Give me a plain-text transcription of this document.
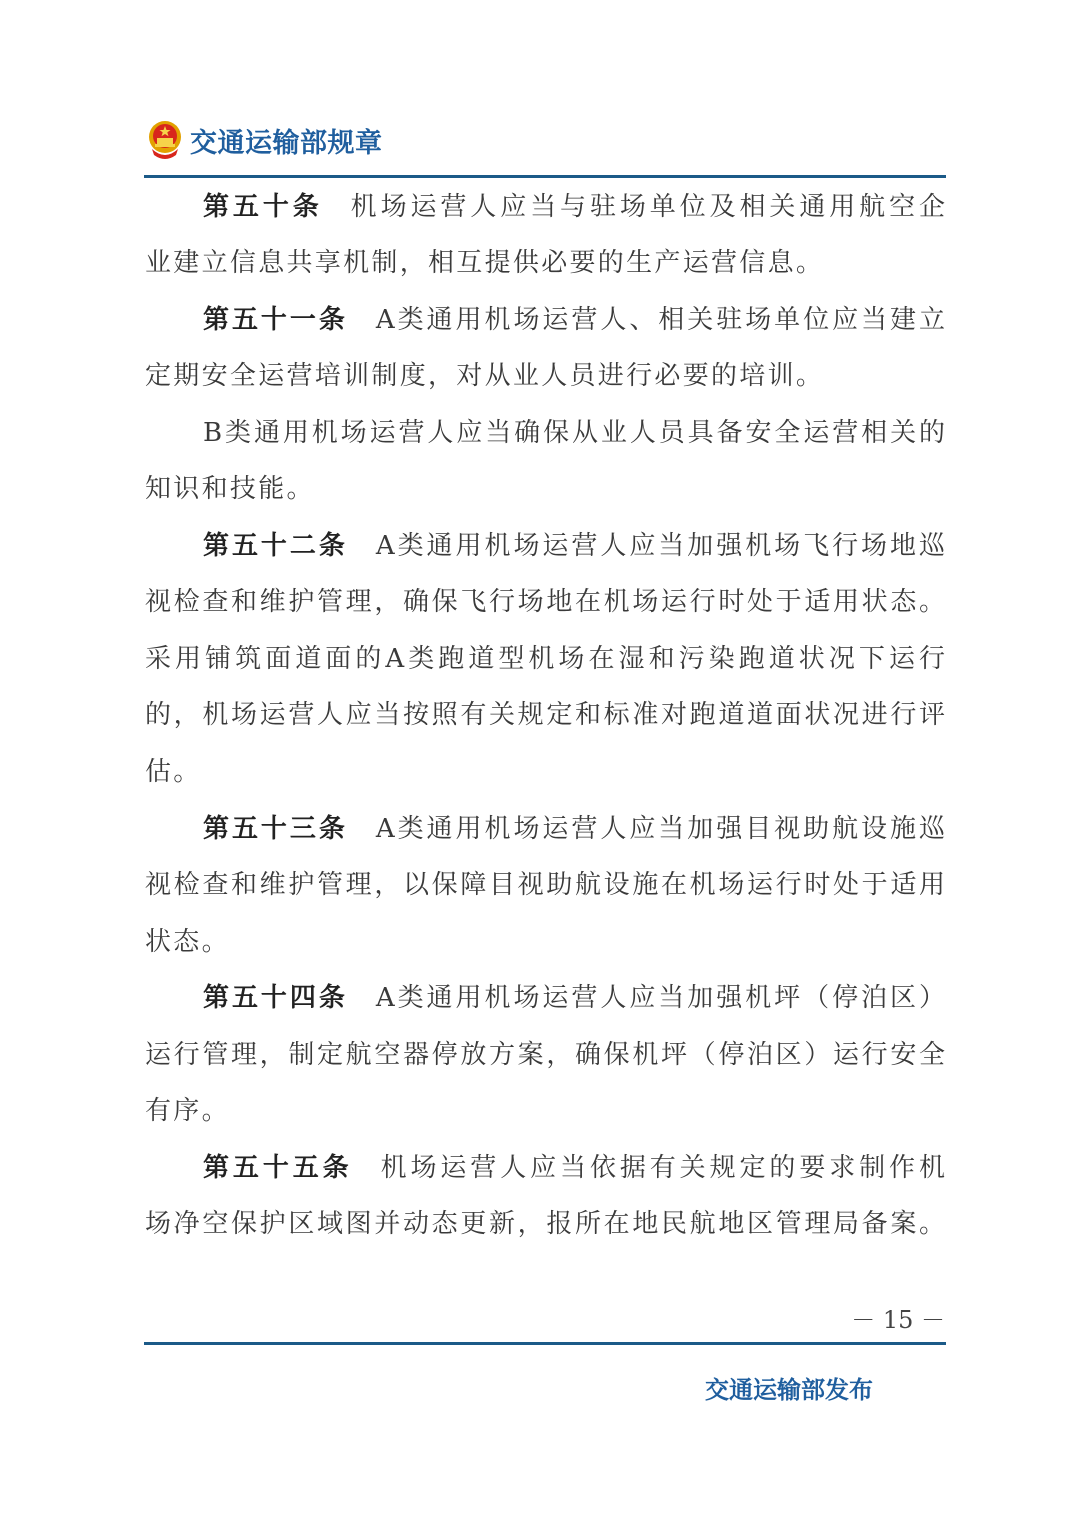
交通运输部规章
第五十条 机场运营人应当与驻场单位及相关通用航空企
业建立信息共享机制，相互提供必要的生产运营信息。
第五十一条 A类通用机场运营人、相关驻场单位应当建立
定期安全运营培训制度，对从业人员进行必要的培训。
B类通用机场运营人应当确保从业人员具备安全运营相关的
知识和技能。
第五十二条 A类通用机场运营人应当加强机场飞行场地巡
视检查和维护管理，确保飞行场地在机场运行时处于适用状态。
采用铺筑面道面的A类跑道型机场在湿和污染跑道状况下运行
的，机场运营人应当按照有关规定和标准对跑道道面状况进行评
估。
第五十三条 A类通用机场运营人应当加强目视助航设施巡
视检查和维护管理，以保障目视助航设施在机场运行时处于适用
状态。
第五十四条 A类通用机场运营人应当加强机坪（停泊区）
运行管理，制定航空器停放方案，确保机坪（停泊区）运行安全
有序。
第五十五条 机场运营人应当依据有关规定的要求制作机
场净空保护区域图并动态更新，报所在地民航地区管理局备案。
－ 15 －
交通运输部发布
